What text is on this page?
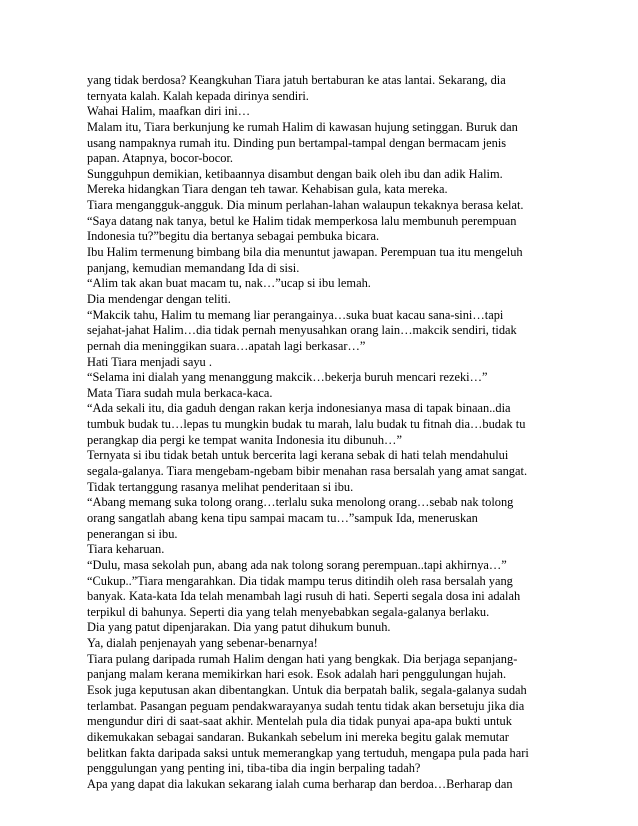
yang tidak berdosa? Keangkuhan Tiara jatuh bertaburan ke atas lantai. Sekarang, dia
ternyata kalah. Kalah kepada dirinya sendiri.
Wahai Halim, maafkan diri ini…
Malam itu, Tiara berkunjung ke rumah Halim di kawasan hujung setinggan. Buruk dan
usang nampaknya rumah itu. Dinding pun bertampal-tampal dengan bermacam jenis
papan. Atapnya, bocor-bocor.
Sungguhpun demikian, ketibaannya disambut dengan baik oleh ibu dan adik Halim.
Mereka hidangkan Tiara dengan teh tawar. Kehabisan gula, kata mereka.
Tiara mengangguk-angguk. Dia minum perlahan-lahan walaupun tekaknya berasa kelat.
“Saya datang nak tanya, betul ke Halim tidak memperkosa lalu membunuh perempuan
Indonesia tu?”begitu dia bertanya sebagai pembuka bicara.
Ibu Halim termenung bimbang bila dia menuntut jawapan. Perempuan tua itu mengeluh
panjang, kemudian memandang Ida di sisi.
“Alim tak akan buat macam tu, nak…”ucap si ibu lemah.
Dia mendengar dengan teliti.
“Makcik tahu, Halim tu memang liar perangainya…suka buat kacau sana-sini…tapi
sejahat-jahat Halim…dia tidak pernah menyusahkan orang lain…makcik sendiri, tidak
pernah dia meninggikan suara…apatah lagi berkasar…”
Hati Tiara menjadi sayu .
“Selama ini dialah yang menanggung makcik…bekerja buruh mencari rezeki…”
Mata Tiara sudah mula berkaca-kaca.
“Ada sekali itu, dia gaduh dengan rakan kerja indonesianya masa di tapak binaan..dia
tumbuk budak tu…lepas tu mungkin budak tu marah, lalu budak tu fitnah dia…budak tu
perangkap dia pergi ke tempat wanita Indonesia itu dibunuh…”
Ternyata si ibu tidak betah untuk bercerita lagi kerana sebak di hati telah mendahului
segala-galanya. Tiara mengebam-ngebam bibir menahan rasa bersalah yang amat sangat.
Tidak tertanggung rasanya melihat penderitaan si ibu.
“Abang memang suka tolong orang…terlalu suka menolong orang…sebab nak tolong
orang sangatlah abang kena tipu sampai macam tu…”sampuk Ida, meneruskan
penerangan si ibu.
Tiara keharuan.
“Dulu, masa sekolah pun, abang ada nak tolong sorang perempuan..tapi akhirnya…”
“Cukup..”Tiara mengarahkan. Dia tidak mampu terus ditindih oleh rasa bersalah yang
banyak. Kata-kata Ida telah menambah lagi rusuh di hati. Seperti segala dosa ini adalah
terpikul di bahunya. Seperti dia yang telah menyebabkan segala-galanya berlaku.
Dia yang patut dipenjarakan. Dia yang patut dihukum bunuh.
Ya, dialah penjenayah yang sebenar-benarnya!
Tiara pulang daripada rumah Halim dengan hati yang bengkak. Dia berjaga sepanjang-
panjang malam kerana memikirkan hari esok. Esok adalah hari penggulungan hujah.
Esok juga keputusan akan dibentangkan. Untuk dia berpatah balik, segala-galanya sudah
terlambat. Pasangan peguam pendakwarayanya sudah tentu tidak akan bersetuju jika dia
mengundur diri di saat-saat akhir. Mentelah pula dia tidak punyai apa-apa bukti untuk
dikemukakan sebagai sandaran. Bukankah sebelum ini mereka begitu galak memutar
belitkan fakta daripada saksi untuk memerangkap yang tertuduh, mengapa pula pada hari
penggulungan yang penting ini, tiba-tiba dia ingin berpaling tadah?
Apa yang dapat dia lakukan sekarang ialah cuma berharap dan berdoa…Berharap dan
